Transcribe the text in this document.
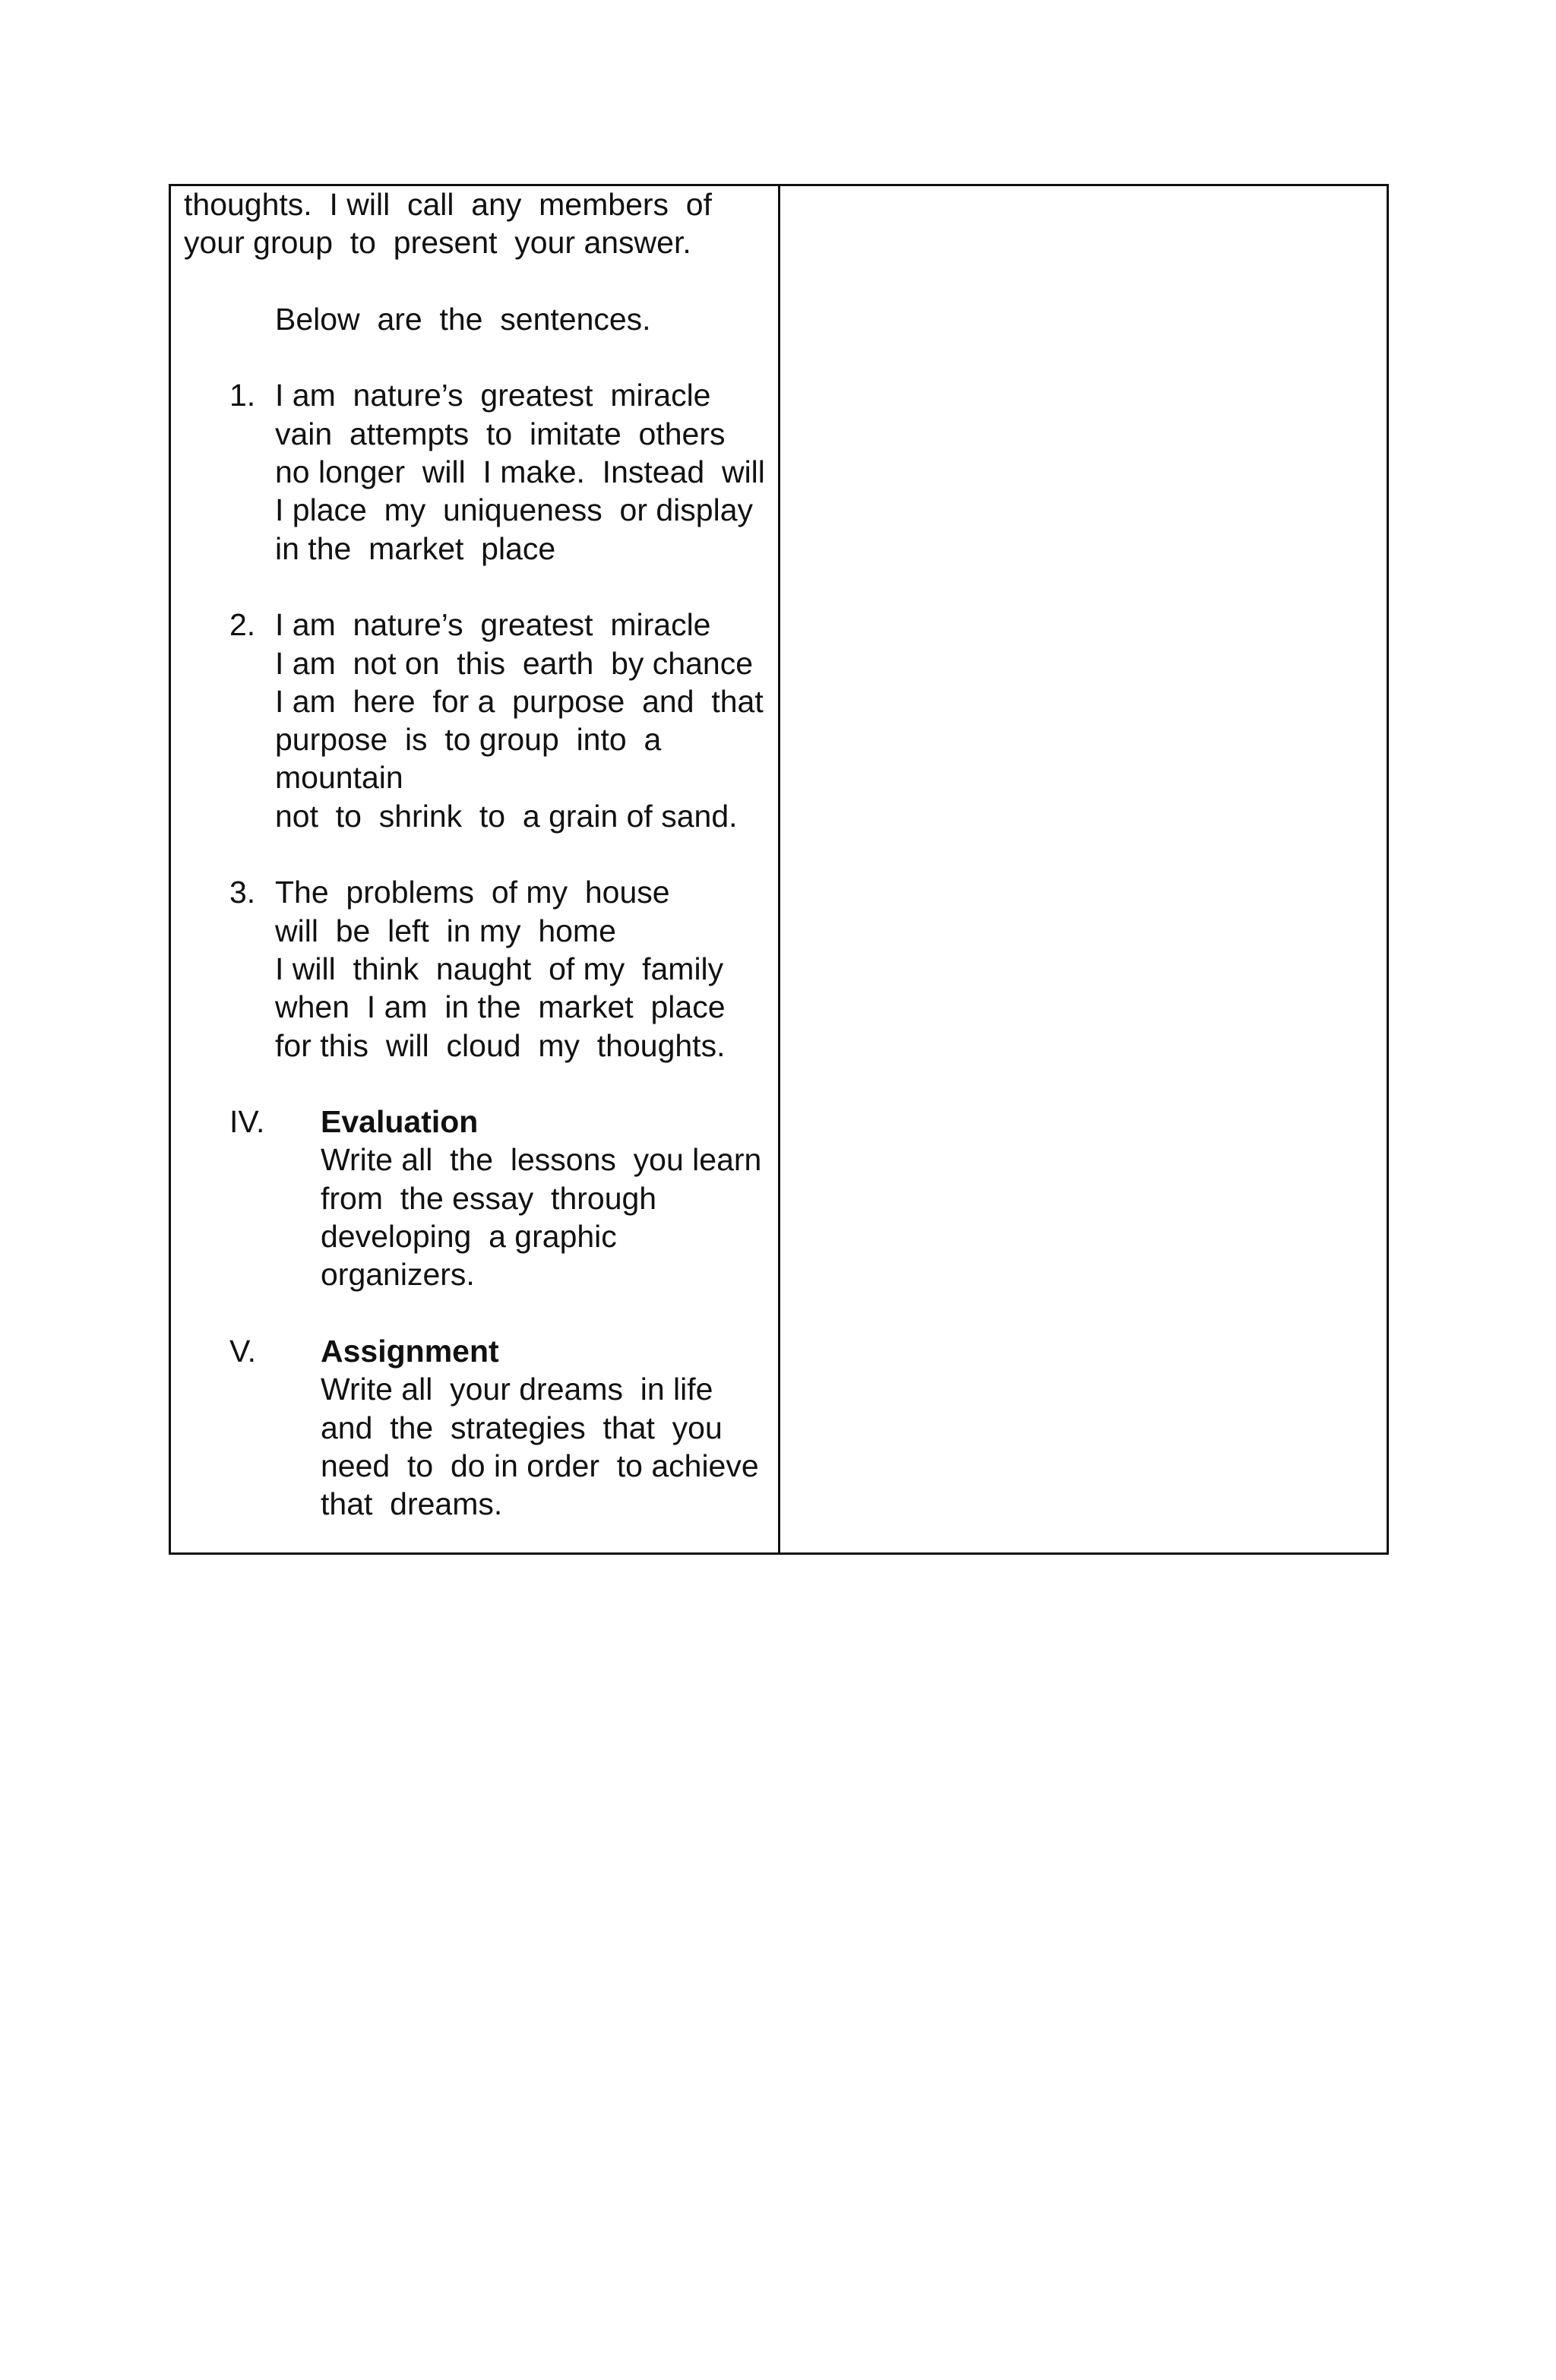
thoughts.  I will  call  any  members  of
your group  to  present  your answer.
Below  are  the  sentences.
1. I am  nature’s  greatest  miracle
vain  attempts  to  imitate  others
no longer  will  I make.  Instead  will
I place  my  uniqueness  or display
in the  market  place
2. I am  nature’s  greatest  miracle
I am  not on  this  earth  by chance
I am  here  for a  purpose  and  that
purpose  is  to group  into  a
mountain
not  to  shrink  to  a grain of sand.
3. The  problems  of my  house
will  be  left  in my  home
I will  think  naught  of my  family
when  I am  in the  market  place
for this  will  cloud  my  thoughts.
IV. Evaluation
Write all  the  lessons  you learn
from  the essay  through
developing  a graphic
organizers.
V. Assignment
Write all  your dreams  in life
and  the  strategies  that  you
need  to  do in order  to achieve
that  dreams.
